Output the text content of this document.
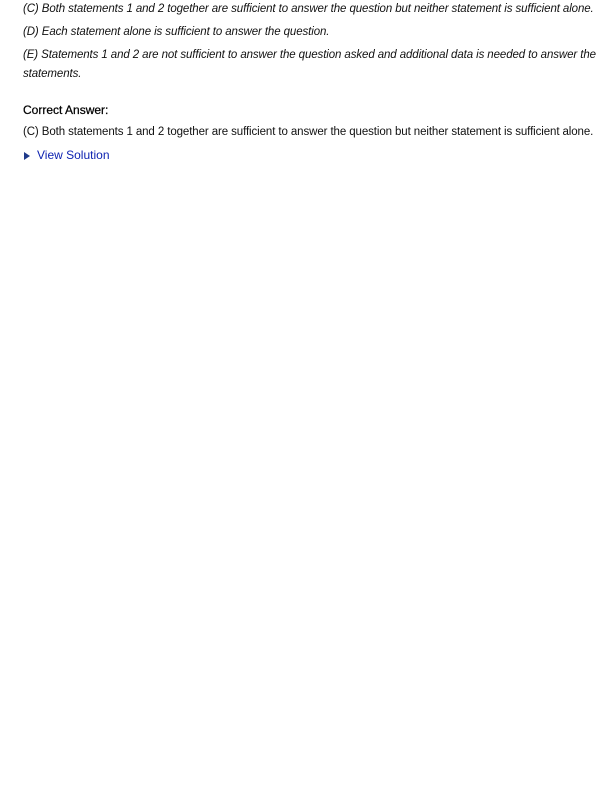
(C) Both statements 1 and 2 together are sufficient to answer the question but neither statement is sufficient alone.

(D) Each statement alone is sufficient to answer the question.

(E) Statements 1 and 2 are not sufficient to answer the question asked and additional data is needed to answer the statements.

Correct Answer:

(C) Both statements 1 and 2 together are sufficient to answer the question but neither statement is sufficient alone.

View Solution
